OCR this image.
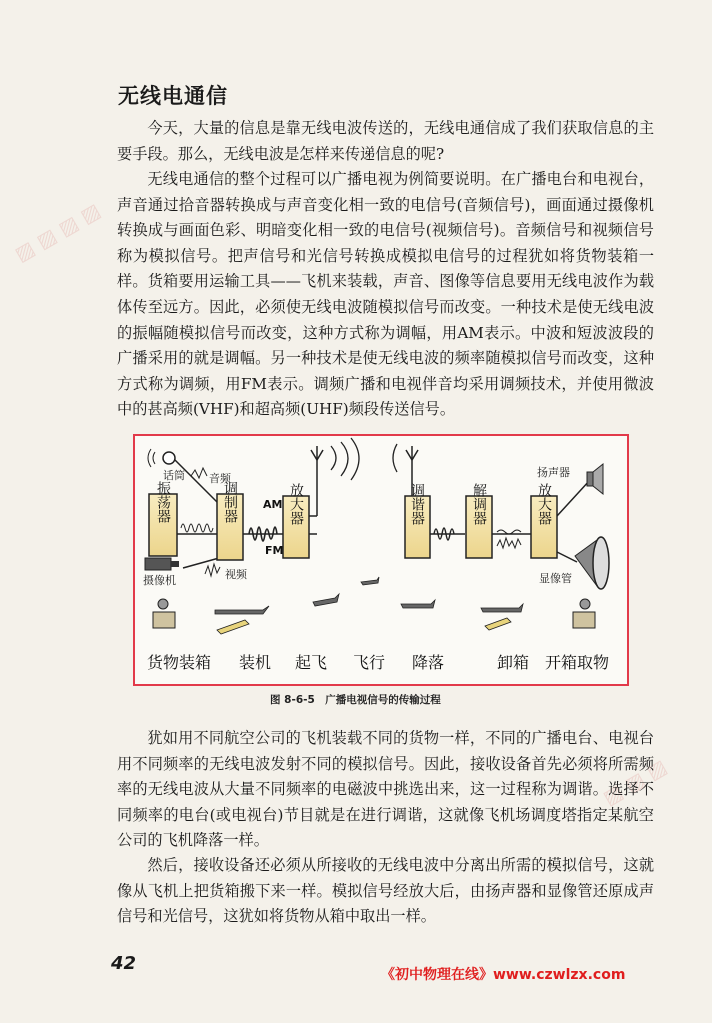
▨ ▨ ▨ ▨
▨ ▨ ▨
无线电通信
今天，大量的信息是靠无线电波传送的，无线电通信成了我们获取信息的主要手段。那么，无线电波是怎样来传递信息的呢?
无线电通信的整个过程可以广播电视为例简要说明。在广播电台和电视台，声音通过拾音器转换成与声音变化相一致的电信号(音频信号)，画面通过摄像机转换成与画面色彩、明暗变化相一致的电信号(视频信号)。音频信号和视频信号称为模拟信号。把声信号和光信号转换成模拟电信号的过程犹如将货物装箱一样。货箱要用运输工具——飞机来装载，声音、图像等信息要用无线电波作为载体传至远方。因此，必须使无线电波随模拟信号而改变。一种技术是使无线电波的振幅随模拟信号而改变，这种方式称为调幅，用AM表示。中波和短波波段的广播采用的就是调幅。另一种技术是使无线电波的频率随模拟信号而改变，这种方式称为调频，用FM表示。调频广播和电视伴音均采用调频技术，并使用微波中的甚高频(VHF)和超高频(UHF)频段传送信号。
话筒 音频
摄像机	视频
AM
FM
振荡器	调制器	放大器	调谐器	解调器	放大器
扬声器
显像管
货物装箱 装机 起飞 飞行 降落	卸箱 开箱取物
图 8-6-5　广播电视信号的传输过程
犹如用不同航空公司的飞机装载不同的货物一样，不同的广播电台、电视台用不同频率的无线电波发射不同的模拟信号。因此，接收设备首先必须将所需频率的无线电波从大量不同频率的电磁波中挑选出来，这一过程称为调谐。选择不同频率的电台(或电视台)节目就是在进行调谐，这就像飞机场调度塔指定某航空公司的飞机降落一样。
然后，接收设备还必须从所接收的无线电波中分离出所需的模拟信号，这就像从飞机上把货箱搬下来一样。模拟信号经放大后，由扬声器和显像管还原成声信号和光信号，这犹如将货物从箱中取出一样。
42
《初中物理在线》www.czwlzx.com
